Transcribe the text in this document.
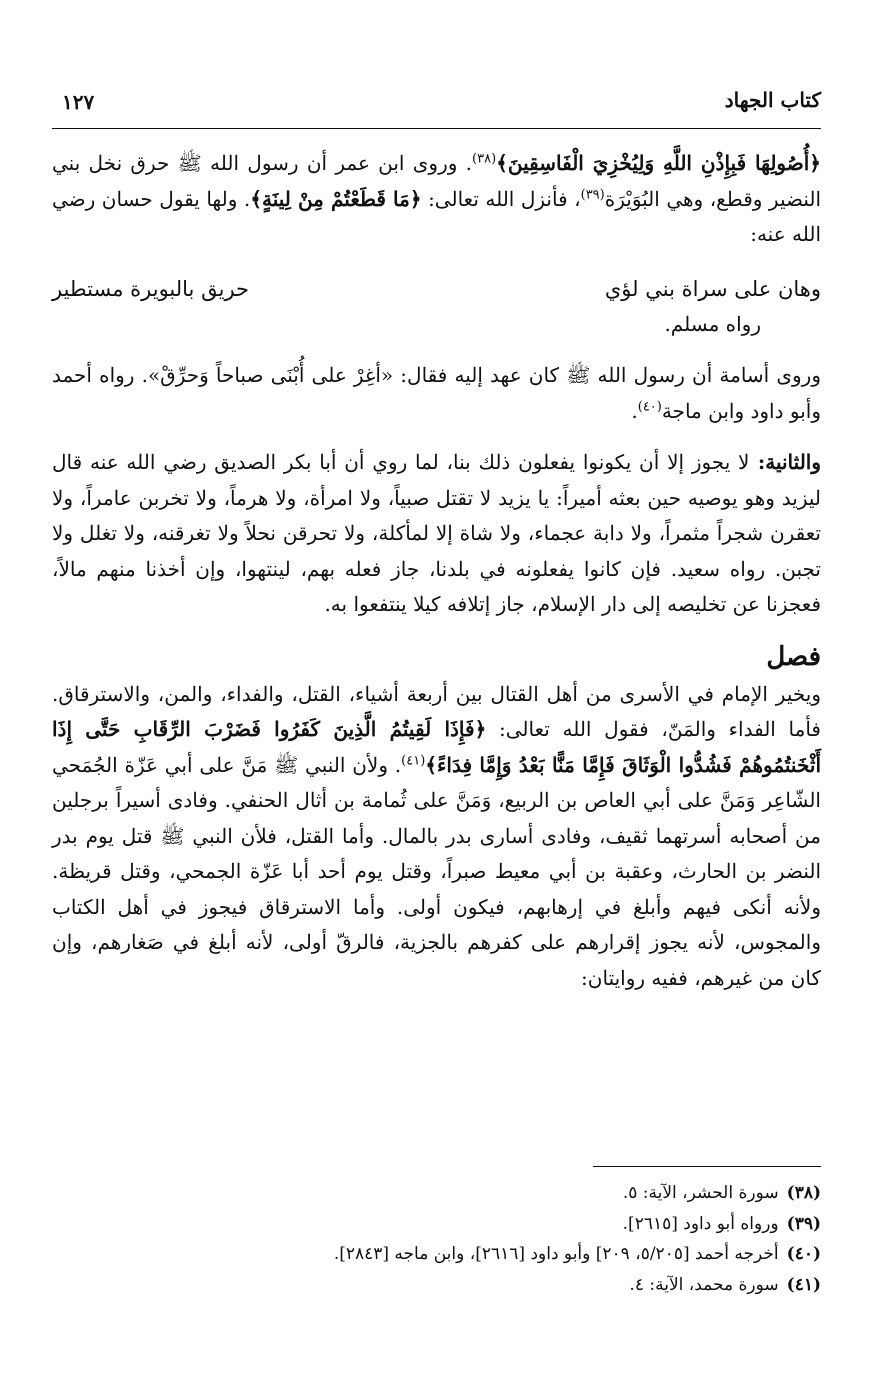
كتاب الجهاد
١٢٧

﴿أُصُولِهَا فَبِإِذْنِ اللَّهِ وَلِيُخْزِيَ الْفَاسِقِينَ﴾$^{(٣٨)}$. وروى ابن عمر أن رسول الله ﷺ حرق نخل بني النضير وقطع، وهي البُوَيْرَة$^{(٣٩)}$، فأنزل الله تعالى: ﴿مَا قَطَعْتُمْ مِنْ لِينَةٍ﴾. ولها يقول حسان رضي الله عنه:

وهان على سراة بني لؤي
حريق بالبويرة مستطير

رواه مسلم.

وروى أسامة أن رسول الله ﷺ كان عهد إليه فقال: «أغِرْ على أُبْنَى صباحاً وَحرِّقْ». رواه أحمد وأبو داود وابن ماجة$^{(٤٠)}$.

والثانية: لا يجوز إلا أن يكونوا يفعلون ذلك بنا، لما روي أن أبا بكر الصديق رضي الله عنه قال ليزيد وهو يوصيه حين بعثه أميراً: يا يزيد لا تقتل صبياً، ولا امرأة، ولا هرماً، ولا تخربن عامراً، ولا تعقرن شجراً مثمراً، ولا دابة عجماء، ولا شاة إلا لمأكلة، ولا تحرقن نحلاً ولا تغرقنه، ولا تغلل ولا تجبن. رواه سعيد. فإن كانوا يفعلونه في بلدنا، جاز فعله بهم، لينتهوا، وإن أخذنا منهم مالاً، فعجزنا عن تخليصه إلى دار الإسلام، جاز إتلافه كيلا ينتفعوا به.

فصل

ويخير الإمام في الأسرى من أهل القتال بين أربعة أشياء، القتل، والفداء، والمن، والاسترقاق. فأما الفداء والمَنّ، فقول الله تعالى: ﴿فَإِذَا لَقِيتُمُ الَّذِينَ كَفَرُوا فَضَرْبَ الرِّقَابِ حَتَّى إِذَا أَثْخَنتُمُوهُمْ فَشُدُّوا الْوَثَاقَ فَإِمَّا مَنًّا بَعْدُ وَإِمَّا فِدَاءً﴾$^{(٤١)}$. ولأن النبي ﷺ مَنَّ على أبي عَزّة الجُمَحي الشّاعِر وَمَنَّ على أبي العاص بن الربيع، وَمَنَّ على ثُمامة بن أثال الحنفي. وفادى أسيراً برجلين من أصحابه أسرتهما ثقيف، وفادى أسارى بدر بالمال. وأما القتل، فلأن النبي ﷺ قتل يوم بدر النضر بن الحارث، وعقبة بن أبي معيط صبراً، وقتل يوم أحد أبا عَزّة الجمحي، وقتل قريظة. ولأنه أنكى فيهم وأبلغ في إرهابهم، فيكون أولى. وأما الاسترقاق فيجوز في أهل الكتاب والمجوس، لأنه يجوز إقرارهم على كفرهم بالجزية، فالرقّ أولى، لأنه أبلغ في صَغارهم، وإن كان من غيرهم، ففيه روايتان:

(٣٨)
سورة الحشر، الآية: ٥.
(٣٩)
ورواه أبو داود [٢٦١٥].
(٤٠)
أخرجه أحمد [٥/٢٠٥، ٢٠٩] وأبو داود [٢٦١٦]، وابن ماجه [٢٨٤٣].
(٤١)
سورة محمد، الآية: ٤.
